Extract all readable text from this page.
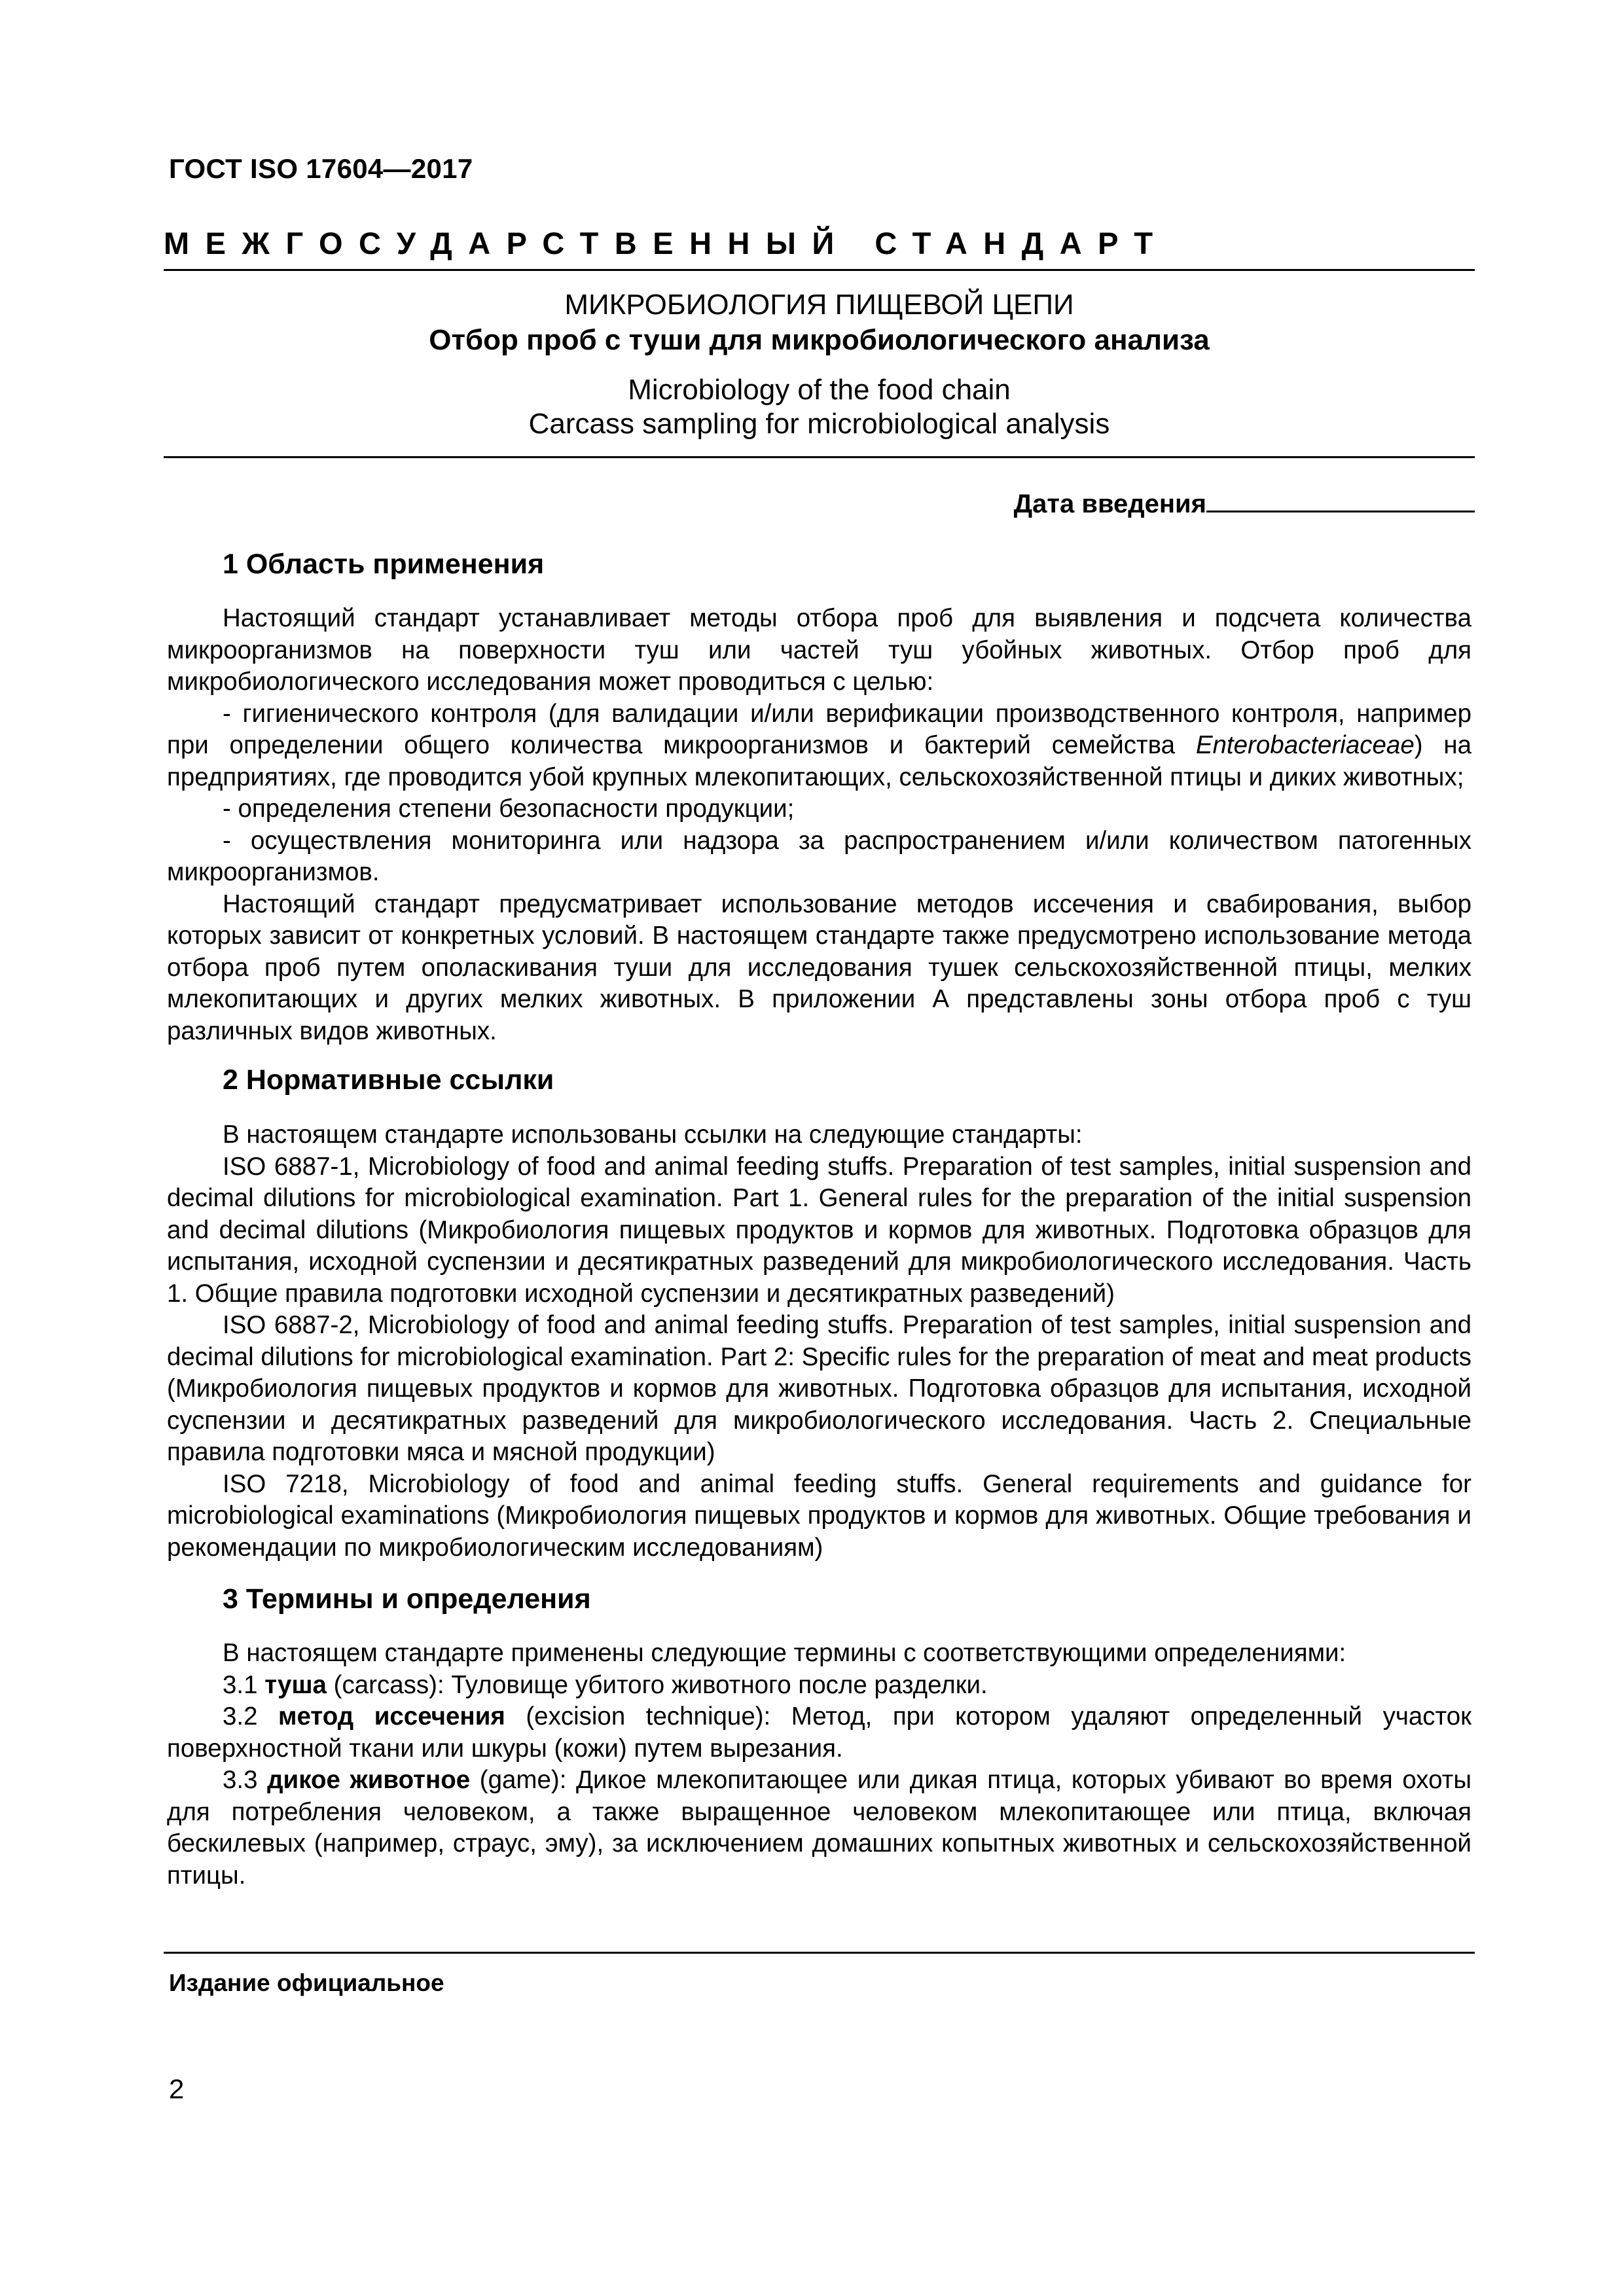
ГОСТ ISO 17604—2017
МЕЖГОСУДАРСТВЕННЫЙ СТАНДАРТ
МИКРОБИОЛОГИЯ ПИЩЕВОЙ ЦЕПИ
Отбор проб с туши для микробиологического анализа
Microbiology of the food chain
Carcass sampling for microbiological analysis
Дата введения
1 Область применения

Настоящий стандарт устанавливает методы отбора проб для выявления и подсчета количества микроорганизмов на поверхности туш или частей туш убойных животных. Отбор проб для микробиологического исследования может проводиться с целью:

- гигиенического контроля (для валидации и/или верификации производственного контроля, например при определении общего количества микроорганизмов и бактерий семейства Enterobacteriaceae) на предприятиях, где проводится убой крупных млекопитающих, сельскохозяйственной птицы и диких животных;

- определения степени безопасности продукции;

- осуществления мониторинга или надзора за распространением и/или количеством патогенных микроорганизмов.

Настоящий стандарт предусматривает использование методов иссечения и свабирования, выбор которых зависит от конкретных условий. В настоящем стандарте также предусмотрено использование метода отбора проб путем ополаскивания туши для исследования тушек сельскохозяйственной птицы, мелких млекопитающих и других мелких животных. В приложении А представлены зоны отбора проб с туш различных видов животных.

2 Нормативные ссылки

В настоящем стандарте использованы ссылки на следующие стандарты:

ISO 6887-1, Microbiology of food and animal feeding stuffs. Preparation of test samples, initial suspension and decimal dilutions for microbiological examination. Part 1. General rules for the preparation of the initial suspension and decimal dilutions (Микробиология пищевых продуктов и кормов для животных. Подготовка образцов для испытания, исходной суспензии и десятикратных разведений для микробиологического исследования. Часть 1. Общие правила подготовки исходной суспензии и десятикратных разведений)

ISO 6887-2, Microbiology of food and animal feeding stuffs. Preparation of test samples, initial suspension and decimal dilutions for microbiological examination. Part 2: Specific rules for the preparation of meat and meat products (Микробиология пищевых продуктов и кормов для животных. Подготовка образцов для испытания, исходной суспензии и десятикратных разведений для микробиологического исследования. Часть 2. Специальные правила подготовки мяса и мясной продукции)

ISO 7218, Microbiology of food and animal feeding stuffs. General requirements and guidance for microbiological examinations (Микробиология пищевых продуктов и кормов для животных. Общие требования и рекомендации по микробиологическим исследованиям)

3 Термины и определения

В настоящем стандарте применены следующие термины с соответствующими определениями:

3.1 туша (carcass): Туловище убитого животного после разделки.

3.2 метод иссечения (excision technique): Метод, при котором удаляют определенный участок поверхностной ткани или шкуры (кожи) путем вырезания.

3.3 дикое животное (game): Дикое млекопитающее или дикая птица, которых убивают во время охоты для потребления человеком, а также выращенное человеком млекопитающее или птица, включая бескилевых (например, страус, эму), за исключением домашних копытных животных и сельскохозяйственной птицы.

Издание официальное
2
